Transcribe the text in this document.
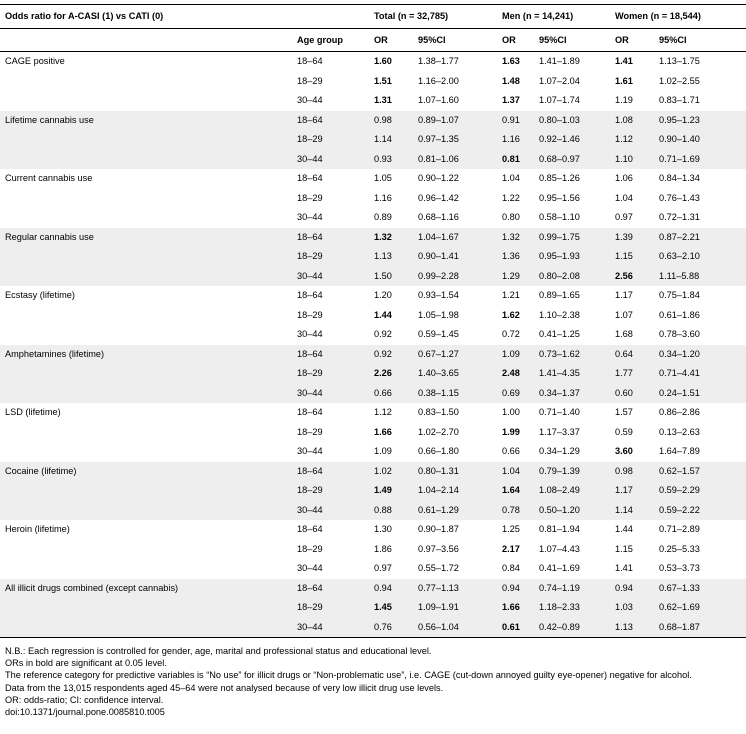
Odds ratio for A-CASI (1) vs CATI (0)		Total (n = 32,785)		Men (n = 14,241)		Women (n = 18,544)	
	Age group	OR	95%CI	OR	95%CI	OR	95%CI
CAGE positive	18–64	1.60	1.38–1.77	1.63	1.41–1.89	1.41	1.13–1.75
	18–29	1.51	1.16–2.00	1.48	1.07–2.04	1.61	1.02–2.55
	30–44	1.31	1.07–1.60	1.37	1.07–1.74	1.19	0.83–1.71
Lifetime cannabis use	18–64	0.98	0.89–1.07	0.91	0.80–1.03	1.08	0.95–1.23
	18–29	1.14	0.97–1.35	1.16	0.92–1.46	1.12	0.90–1.40
	30–44	0.93	0.81–1.06	0.81	0.68–0.97	1.10	0.71–1.69
Current cannabis use	18–64	1.05	0.90–1.22	1.04	0.85–1.26	1.06	0.84–1.34
	18–29	1.16	0.96–1.42	1.22	0.95–1.56	1.04	0.76–1.43
	30–44	0.89	0.68–1.16	0.80	0.58–1.10	0.97	0.72–1.31
Regular cannabis use	18–64	1.32	1.04–1.67	1.32	0.99–1.75	1.39	0.87–2.21
	18–29	1.13	0.90–1.41	1.36	0.95–1.93	1.15	0.63–2.10
	30–44	1.50	0.99–2.28	1.29	0.80–2.08	2.56	1.11–5.88
Ecstasy (lifetime)	18–64	1.20	0.93–1.54	1.21	0.89–1.65	1.17	0.75–1.84
	18–29	1.44	1.05–1.98	1.62	1.10–2.38	1.07	0.61–1.86
	30–44	0.92	0.59–1.45	0.72	0.41–1.25	1.68	0.78–3.60
Amphetamines (lifetime)	18–64	0.92	0.67–1.27	1.09	0.73–1.62	0.64	0.34–1.20
	18–29	2.26	1.40–3.65	2.48	1.41–4.35	1.77	0.71–4.41
	30–44	0.66	0.38–1.15	0.69	0.34–1.37	0.60	0.24–1.51
LSD (lifetime)	18–64	1.12	0.83–1.50	1.00	0.71–1.40	1.57	0.86–2.86
	18–29	1.66	1.02–2.70	1.99	1.17–3.37	0.59	0.13–2.63
	30–44	1.09	0.66–1.80	0.66	0.34–1.29	3.60	1.64–7.89
Cocaine (lifetime)	18–64	1.02	0.80–1.31	1.04	0.79–1.39	0.98	0.62–1.57
	18–29	1.49	1.04–2.14	1.64	1.08–2.49	1.17	0.59–2.29
	30–44	0.88	0.61–1.29	0.78	0.50–1.20	1.14	0.59–2.22
Heroin (lifetime)	18–64	1.30	0.90–1.87	1.25	0.81–1.94	1.44	0.71–2.89
	18–29	1.86	0.97–3.56	2.17	1.07–4.43	1.15	0.25–5.33
	30–44	0.97	0.55–1.72	0.84	0.41–1.69	1.41	0.53–3.73
All illicit drugs combined (except cannabis)	18–64	0.94	0.77–1.13	0.94	0.74–1.19	0.94	0.67–1.33
	18–29	1.45	1.09–1.91	1.66	1.18–2.33	1.03	0.62–1.69
	30–44	0.76	0.56–1.04	0.61	0.42–0.89	1.13	0.68–1.87

N.B.: Each regression is controlled for gender, age, marital and professional status and educational level.

ORs in bold are significant at 0.05 level.

The reference category for predictive variables is “No use” for illicit drugs or “Non-problematic use”, i.e. CAGE (cut-down annoyed guilty eye-opener) negative for alcohol.

Data from the 13,015 respondents aged 45–64 were not analysed because of very low illicit drug use levels.

OR: odds-ratio; CI: confidence interval.

doi:10.1371/journal.pone.0085810.t005
